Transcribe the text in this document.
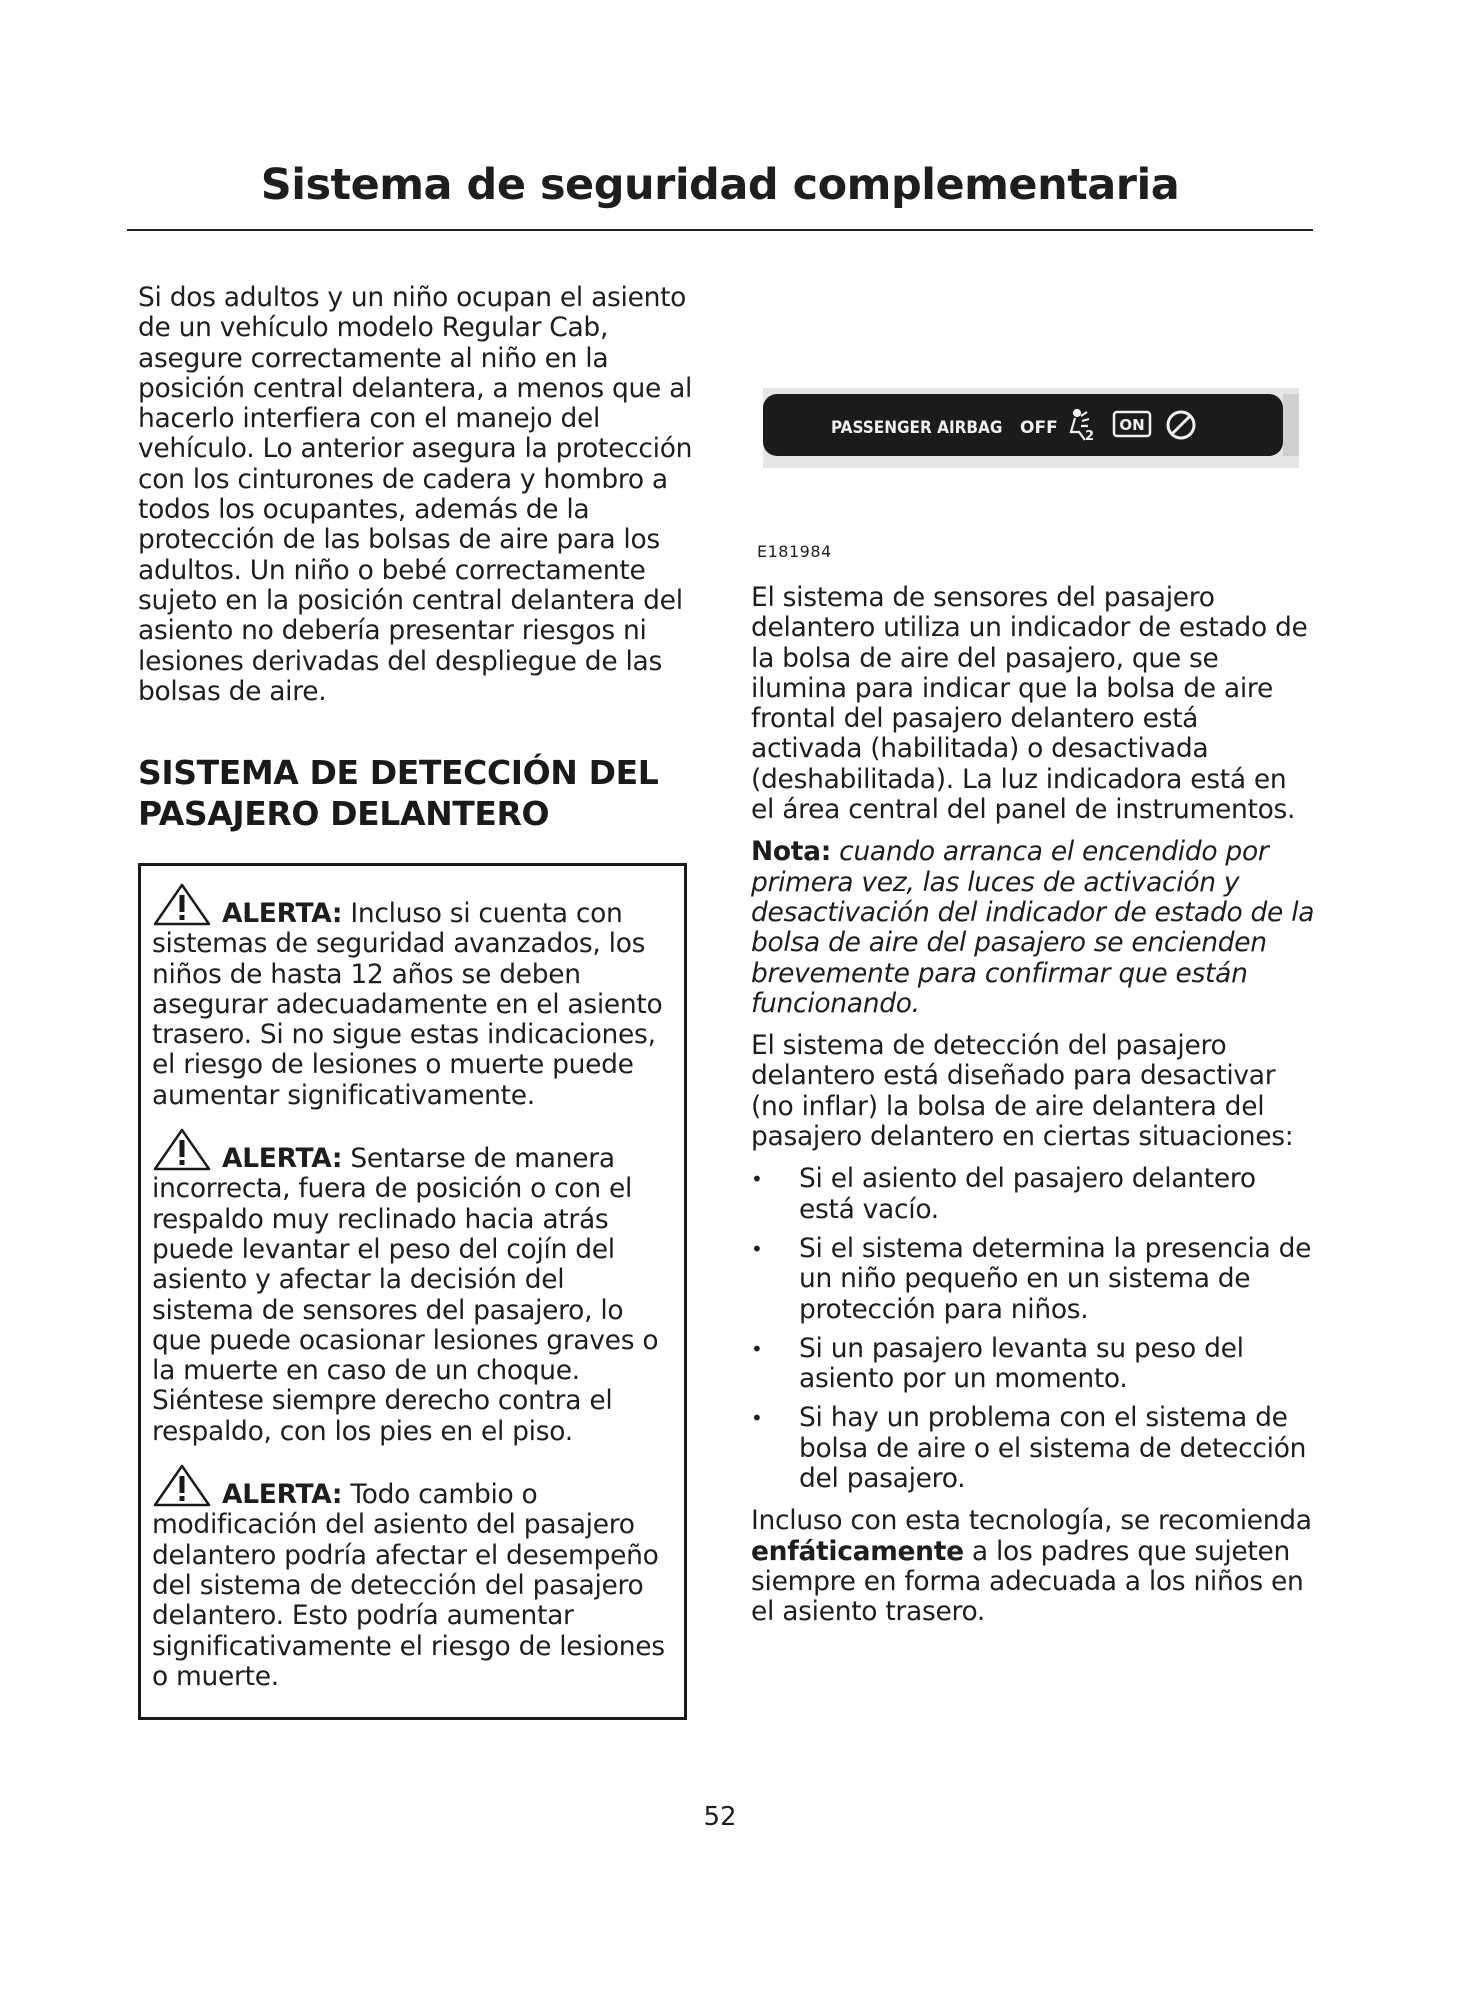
Sistema de seguridad complementaria

Si dos adultos y un niño ocupan el asiento de un vehículo modelo Regular Cab, asegure correctamente al niño en la posición central delantera, a menos que al hacerlo interfiera con el manejo del vehículo. Lo anterior asegura la protección con los cinturones de cadera y hombro a todos los ocupantes, además de la protección de las bolsas de aire para los adultos. Un niño o bebé correctamente sujeto en la posición central delantera del asiento no debería presentar riesgos ni lesiones derivadas del despliegue de las bolsas de aire.

SISTEMA DE DETECCIÓN DEL PASAJERO DELANTERO

ALERTA: Incluso si cuenta con sistemas de seguridad avanzados, los niños de hasta 12 años se deben asegurar adecuadamente en el asiento trasero. Si no sigue estas indicaciones, el riesgo de lesiones o muerte puede aumentar significativamente.

ALERTA: Sentarse de manera incorrecta, fuera de posición o con el respaldo muy reclinado hacia atrás puede levantar el peso del cojín del asiento y afectar la decisión del sistema de sensores del pasajero, lo que puede ocasionar lesiones graves o la muerte en caso de un choque. Siéntese siempre derecho contra el respaldo, con los pies en el piso.

ALERTA: Todo cambio o modificación del asiento del pasajero delantero podría afectar el desempeño del sistema de detección del pasajero delantero. Esto podría aumentar significativamente el riesgo de lesiones o muerte.

PASSENGER AIRBAG OFF 2
ON
E181984

El sistema de sensores del pasajero delantero utiliza un indicador de estado de la bolsa de aire del pasajero, que se ilumina para indicar que la bolsa de aire frontal del pasajero delantero está activada (habilitada) o desactivada (deshabilitada). La luz indicadora está en el área central del panel de instrumentos.

Nota: cuando arranca el encendido por primera vez, las luces de activación y desactivación del indicador de estado de la bolsa de aire del pasajero se encienden brevemente para confirmar que están funcionando.

El sistema de detección del pasajero delantero está diseñado para desactivar (no inflar) la bolsa de aire delantera del pasajero delantero en ciertas situaciones:

• Si el asiento del pasajero delantero está vacío.
• Si el sistema determina la presencia de un niño pequeño en un sistema de protección para niños.
• Si un pasajero levanta su peso del asiento por un momento.
• Si hay un problema con el sistema de bolsa de aire o el sistema de detección del pasajero.

Incluso con esta tecnología, se recomienda enfáticamente a los padres que sujeten siempre en forma adecuada a los niños en el asiento trasero.

52
